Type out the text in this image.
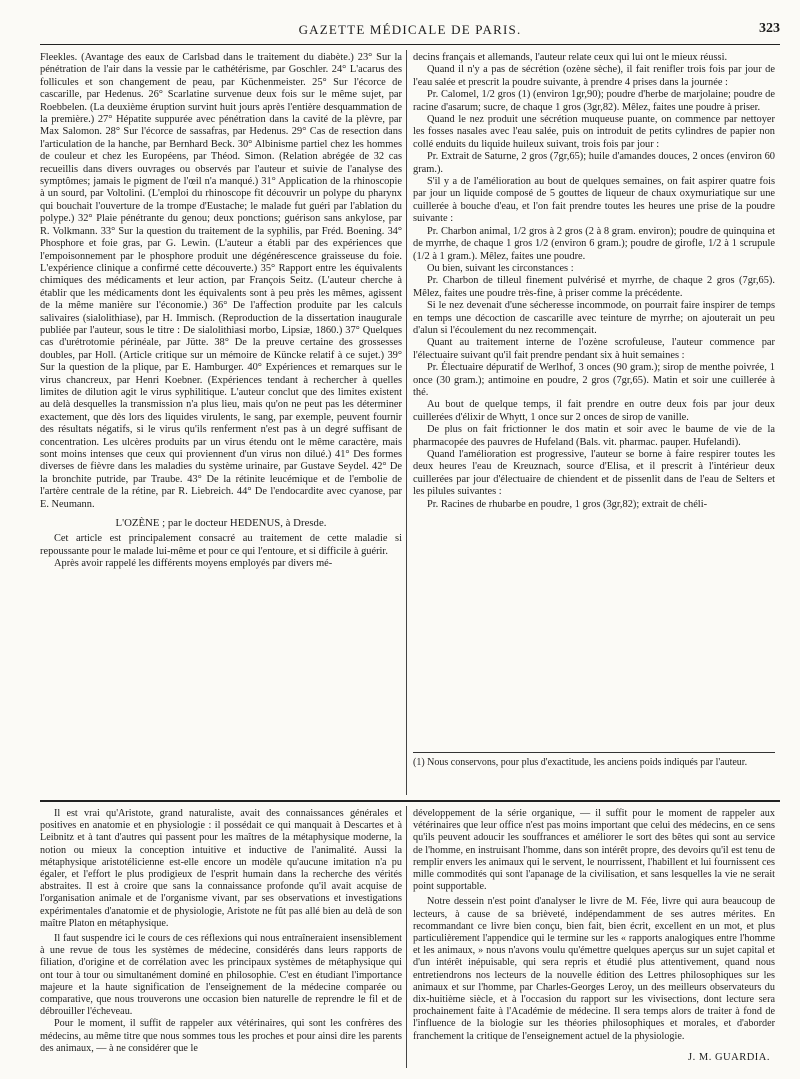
GAZETTE MÉDICALE DE PARIS.	323

Fleekles. (Avantage des eaux de Carlsbad dans le traitement du diabète.) 23° Sur la pénétration de l'air dans la vessie par le cathétérisme, par Goschler. 24° L'acarus des follicules et son changement de peau, par Küchenmeister. 25° Sur l'écorce de cascarille, par Hedenus. 26° Scarlatine survenue deux fois sur le même sujet, par Roebbelen. (La deuxième éruption survint huit jours après l'entière desquammation de la première.) 27° Hépatite suppurée avec pénétration dans la cavité de la plèvre, par Max Salomon. 28° Sur l'écorce de sassafras, par Hedenus. 29° Cas de resection dans l'articulation de la hanche, par Bernhard Beck. 30° Albinisme partiel chez les hommes de couleur et chez les Européens, par Théod. Simon. (Relation abrégée de 32 cas recueillis dans divers ouvrages ou observés par l'auteur et suivie de l'analyse des symptômes; jamais le pigment de l'œil n'a manqué.) 31° Application de la rhinoscopie à un sourd, par Voltolini. (L'emploi du rhinoscope fit découvrir un polype du pharynx qui bouchait l'ouverture de la trompe d'Eustache; le malade fut guéri par l'ablation du polype.) 32° Plaie pénétrante du genou; deux ponctions; guérison sans ankylose, par R. Volkmann. 33° Sur la question du traitement de la syphilis, par Fréd. Boening. 34° Phosphore et foie gras, par G. Lewin. (L'auteur a établi par des expériences que l'empoisonnement par le phosphore produit une dégénérescence graisseuse du foie. L'expérience clinique a confirmé cette découverte.) 35° Rapport entre les équivalents chimiques des médicaments et leur action, par François Seitz. (L'auteur cherche à établir que les médicaments dont les équivalents sont à peu près les mêmes, agissent de la même manière sur l'économie.) 36° De l'affection produite par les calculs salivaires (sialolithiase), par H. Immisch. (Reproduction de la dissertation inaugurale publiée par l'auteur, sous le titre : De sialolithiasi morbo, Lipsiæ, 1860.) 37° Quelques cas d'urétrotomie périnéale, par Jütte. 38° De la preuve certaine des grossesses doubles, par Holl. (Article critique sur un mémoire de Küncke relatif à ce sujet.) 39° Sur la question de la plique, par E. Hamburger. 40° Expériences et remarques sur le virus chancreux, par Henri Koebner. (Expériences tendant à rechercher à quelles limites de dilution agit le virus syphilitique. L'auteur conclut que des limites existent au delà desquelles la transmission n'a plus lieu, mais qu'on ne peut pas les déterminer exactement, que dès lors des liquides virulents, le sang, par exemple, peuvent fournir des résultats négatifs, si le virus qu'ils renferment n'est pas à un degré suffisant de concentration. Les ulcères produits par un virus étendu ont le même caractère, mais sont moins intenses que ceux qui proviennent d'un virus non dilué.) 41° Des formes diverses de fièvre dans les maladies du système urinaire, par Gustave Seydel. 42° De la bronchite putride, par Traube. 43° De la rétinite leucémique et de l'embolie de l'artère centrale de la rétine, par R. Liebreich. 44° De l'endocardite avec cyanose, par E. Neumann.

L'OZÈNE ; par le docteur HEDENUS, à Dresde.

Cet article est principalement consacré au traitement de cette maladie si repoussante pour le malade lui-même et pour ce qui l'entoure, et si difficile à guérir.

Après avoir rappelé les différents moyens employés par divers mé-

decins français et allemands, l'auteur relate ceux qui lui ont le mieux réussi.

Quand il n'y a pas de sécrétion (ozène sèche), il fait renifler trois fois par jour de l'eau salée et prescrit la poudre suivante, à prendre 4 prises dans la journée :

Pr. Calomel, 1/2 gros (1) (environ 1gr,90); poudre d'herbe de marjolaine; poudre de racine d'asarum; sucre, de chaque 1 gros (3gr,82). Mêlez, faites une poudre à priser.

Quand le nez produit une sécrétion muqueuse puante, on commence par nettoyer les fosses nasales avec l'eau salée, puis on introduit de petits cylindres de papier non collé enduits du liquide huileux suivant, trois fois par jour :

Pr. Extrait de Saturne, 2 gros (7gr,65); huile d'amandes douces, 2 onces (environ 60 gram.).

S'il y a de l'amélioration au bout de quelques semaines, on fait aspirer quatre fois par jour un liquide composé de 5 gouttes de liqueur de chaux oxymuriatique sur une cuillerée à bouche d'eau, et l'on fait prendre toutes les heures une prise de la poudre suivante :

Pr. Charbon animal, 1/2 gros à 2 gros (2 à 8 gram. environ); poudre de quinquina et de myrrhe, de chaque 1 gros 1/2 (environ 6 gram.); poudre de girofle, 1/2 à 1 scrupule (1/2 à 1 gram.). Mêlez, faites une poudre.

Ou bien, suivant les circonstances :

Pr. Charbon de tilleul finement pulvérisé et myrrhe, de chaque 2 gros (7gr,65). Mêlez, faites une poudre très-fine, à priser comme la précédente.

Si le nez devenait d'une sécheresse incommode, on pourrait faire inspirer de temps en temps une décoction de cascarille avec teinture de myrrhe; on ajouterait un peu d'alun si l'écoulement du nez recommençait.

Quant au traitement interne de l'ozène scrofuleuse, l'auteur commence par l'électuaire suivant qu'il fait prendre pendant six à huit semaines :

Pr. Électuaire dépuratif de Werlhof, 3 onces (90 gram.); sirop de menthe poivrée, 1 once (30 gram.); antimoine en poudre, 2 gros (7gr,65). Matin et soir une cuillerée à thé.

Au bout de quelque temps, il fait prendre en outre deux fois par jour deux cuillerées d'élixir de Whytt, 1 once sur 2 onces de sirop de vanille.

De plus on fait frictionner le dos matin et soir avec le baume de vie de la pharmacopée des pauvres de Hufeland (Bals. vit. pharmac. pauper. Hufelandi).

Quand l'amélioration est progressive, l'auteur se borne à faire respirer toutes les deux heures l'eau de Kreuznach, source d'Elisa, et il prescrit à l'intérieur deux cuillerées par jour d'électuaire de chiendent et de pissenlit dans de l'eau de Selters et les pilules suivantes :

Pr. Racines de rhubarbe en poudre, 1 gros (3gr,82); extrait de chéli-

(1) Nous conservons, pour plus d'exactitude, les anciens poids indiqués par l'auteur.

Il est vrai qu'Aristote, grand naturaliste, avait des connaissances générales et positives en anatomie et en physiologie : il possédait ce qui manquait à Descartes et à Leibnitz et à tant d'autres qui passent pour les maîtres de la métaphysique moderne, la notion ou mieux la conception intuitive et inductive de l'animalité. Aussi la métaphysique aristotélicienne est-elle encore un modèle qu'aucune imitation n'a pu égaler, et l'effort le plus prodigieux de l'esprit humain dans la recherche des vérités abstraites. Il est à croire que sans la connaissance profonde qu'il avait acquise de l'organisation animale et de l'organisme vivant, par ses observations et investigations expérimentales d'anatomie et de physiologie, Aristote ne fût pas allé bien au delà de son maître Platon en métaphysique.

Il faut suspendre ici le cours de ces réflexions qui nous entraîneraient insensiblement à une revue de tous les systèmes de médecine, considérés dans leurs rapports de filiation, d'origine et de corrélation avec les principaux systèmes de métaphysique qui ont tour à tour ou simultanément dominé en philosophie. C'est en étudiant l'importance majeure et la haute signification de l'enseignement de la médecine comparée ou comparative, que nous trouverons une occasion bien naturelle de reprendre le fil et de débrouiller l'écheveau.

Pour le moment, il suffit de rappeler aux vétérinaires, qui sont les confrères des médecins, au même titre que nous sommes tous les proches et pour ainsi dire les parents des animaux, — à ne considérer que le

développement de la série organique, — il suffit pour le moment de rappeler aux vétérinaires que leur office n'est pas moins important que celui des médecins, en ce sens qu'ils peuvent adoucir les souffrances et améliorer le sort des bêtes qui sont au service de l'homme, en instruisant l'homme, dans son intérêt propre, des devoirs qu'il est tenu de remplir envers les animaux qui le servent, le nourrissent, l'habillent et lui fournissent ces mille commodités qui sont l'apanage de la civilisation, et sans lesquelles la vie ne serait point supportable.

Notre dessein n'est point d'analyser le livre de M. Fée, livre qui aura beaucoup de lecteurs, à cause de sa brièveté, indépendamment de ses autres mérites. En recommandant ce livre bien conçu, bien fait, bien écrit, excellent en un mot, et plus particulièrement l'appendice qui le termine sur les « rapports analogiques entre l'homme et les animaux, » nous n'avons voulu qu'émettre quelques aperçus sur un sujet capital et d'un intérêt inépuisable, qui sera repris et étudié plus attentivement, quand nous entretiendrons nos lecteurs de la nouvelle édition des Lettres philosophiques sur les animaux et sur l'homme, par Charles-Georges Leroy, un des meilleurs observateurs du dix-huitième siècle, et à l'occasion du rapport sur les vivisections, dont lecture sera prochainement faite à l'Académie de médecine. Il sera temps alors de traiter à fond de l'influence de la biologie sur les théories philosophiques et morales, et d'aborder franchement la critique de l'enseignement actuel de la physiologie.

J. M. GUARDIA.
